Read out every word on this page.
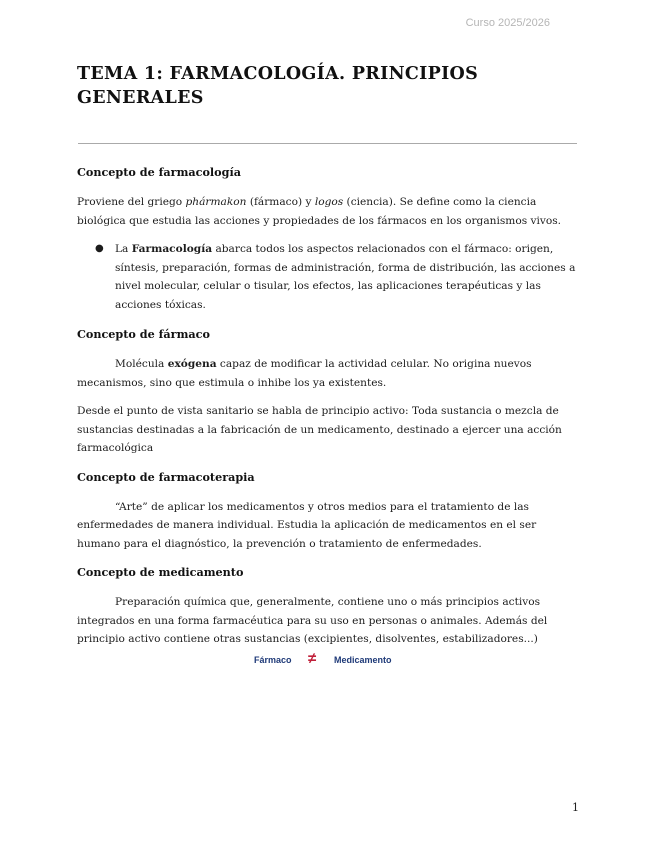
Curso 2025/2026
TEMA 1: FARMACOLOGÍA. PRINCIPIOS GENERALES
Concepto de farmacología

Proviene del griego phármakon (fármaco) y logos (ciencia). Se define como la ciencia biológica que estudia las acciones y propiedades de los fármacos en los organismos vivos.

● La Farmacología abarca todos los aspectos relacionados con el fármaco: origen, síntesis, preparación, formas de administración, forma de distribución, las acciones a nivel molecular, celular o tisular, los efectos, las aplicaciones terapéuticas y las acciones tóxicas.
Concepto de fármaco

Molécula exógena capaz de modificar la actividad celular. No origina nuevos mecanismos, sino que estimula o inhibe los ya existentes.

Desde el punto de vista sanitario se habla de principio activo: Toda sustancia o mezcla de sustancias destinadas a la fabricación de un medicamento, destinado a ejercer una acción farmacológica

Concepto de farmacoterapia

“Arte” de aplicar los medicamentos y otros medios para el tratamiento de las enfermedades de manera individual. Estudia la aplicación de medicamentos en el ser humano para el diagnóstico, la prevención o tratamiento de enfermedades.

Concepto de medicamento

Preparación química que, generalmente, contiene uno o más principios activos integrados en una forma farmacéutica para su uso en personas o animales. Además del principio activo contiene otras sustancias (excipientes, disolventes, estabilizadores...)

Fármaco ≠ Medicamento
1
